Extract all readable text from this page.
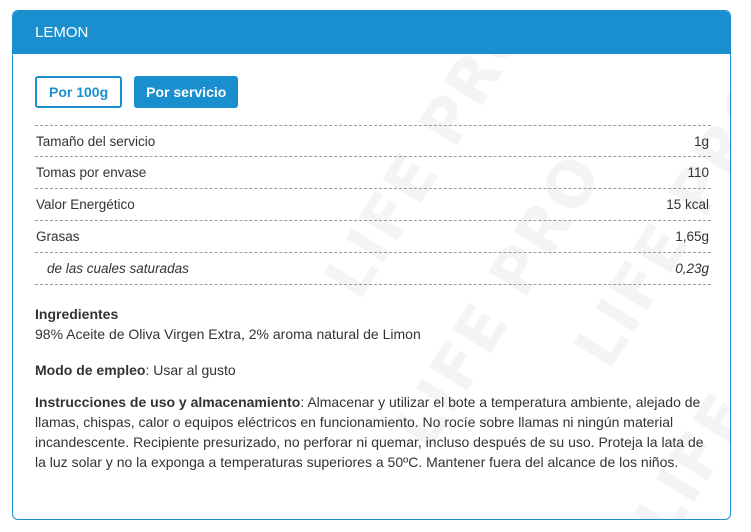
LEMON
Por 100g	Por servicio
Tamaño del servicio	1g
Tomas por envase	110
Valor Energético	15 kcal
Grasas	1,65g
de las cuales saturadas	0,23g
Ingredientes
98% Aceite de Oliva Virgen Extra, 2% aroma natural de Limon
Modo de empleo: Usar al gusto
Instrucciones de uso y almacenamiento: Almacenar y utilizar el bote a temperatura ambiente, alejado de llamas, chispas, calor o equipos eléctricos en funcionamiento. No rocíe sobre llamas ni ningún material incandescente. Recipiente presurizado, no perforar ni quemar, incluso después de su uso. Proteja la lata de la luz solar y no la exponga a temperaturas superiores a 50ºC. Mantener fuera del alcance de los niños.
